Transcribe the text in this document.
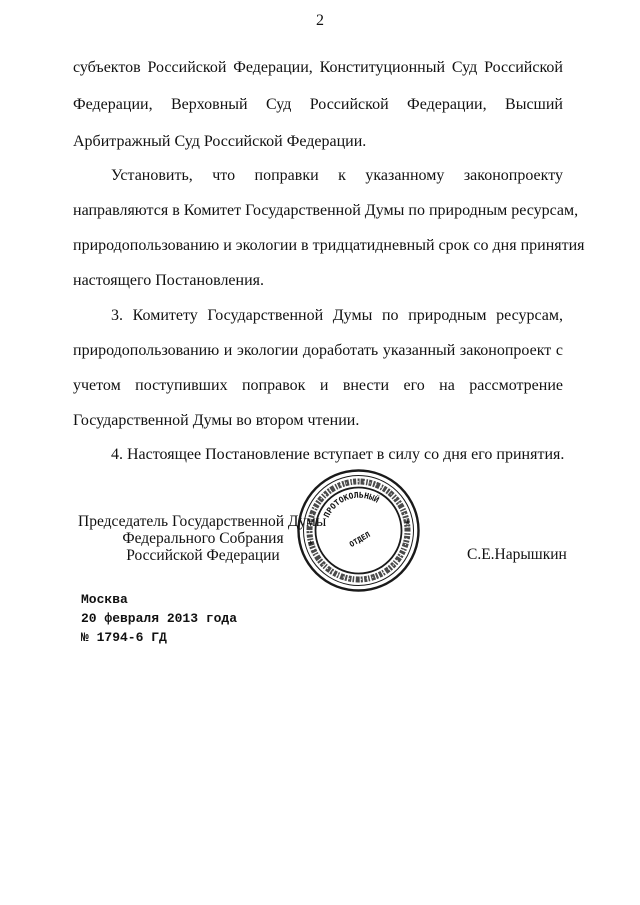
2
субъектов Российской Федерации, Конституционный Суд Российской
Федерации, Верховный Суд Российской Федерации, Высший
Арбитражный Суд Российской Федерации.
Установить, что поправки к указанному законопроекту
направляются в Комитет Государственной Думы по природным ресурсам,
природопользованию и экологии в тридцатидневный срок со дня принятия
настоящего Постановления.
3. Комитету Государственной Думы по природным ресурсам,
природопользованию и экологии доработать указанный законопроект с
учетом поступивших поправок и внести его на рассмотрение
Государственной Думы во втором чтении.
4. Настоящее Постановление вступает в силу со дня его принятия.
★
★
ПРОТОКОЛЬНЫЙ
ОТДЕЛ
Председатель Государственной Думы
Федерального Собрания
Российской Федерации	С.Е.Нарышкин
Москва
20 февраля 2013 года
№ 1794-6 ГД
